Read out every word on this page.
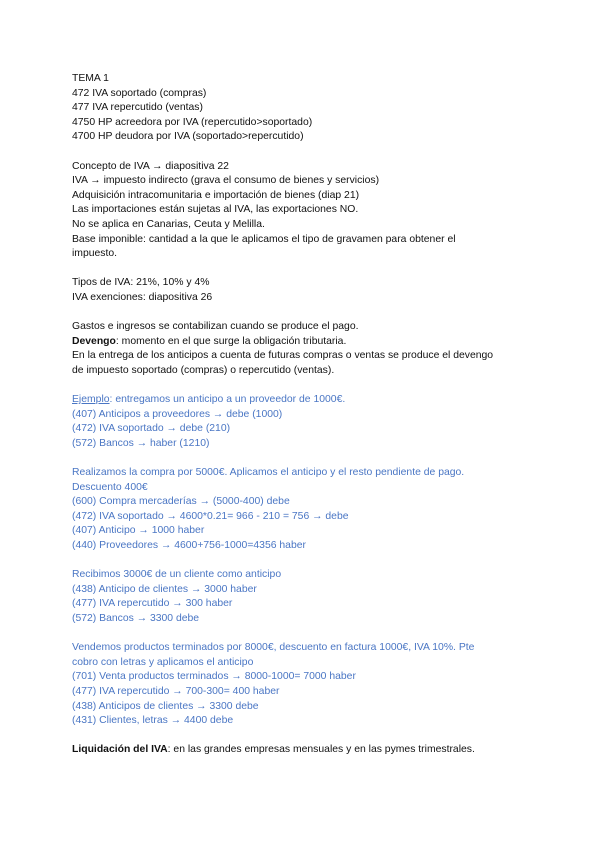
TEMA 1
472 IVA soportado (compras)
477 IVA repercutido (ventas)
4750 HP acreedora por IVA (repercutido>soportado)
4700 HP deudora por IVA (soportado>repercutido)
Concepto de IVA → diapositiva 22
IVA → impuesto indirecto (grava el consumo de bienes y servicios)
Adquisición intracomunitaria e importación de bienes (diap 21)
Las importaciones están sujetas al IVA, las exportaciones NO.
No se aplica en Canarias, Ceuta y Melilla.
Base imponible: cantidad a la que le aplicamos el tipo de gravamen para obtener el
impuesto.
Tipos de IVA: 21%, 10% y 4%
IVA exenciones: diapositiva 26
Gastos e ingresos se contabilizan cuando se produce el pago.
Devengo: momento en el que surge la obligación tributaria.
En la entrega de los anticipos a cuenta de futuras compras o ventas se produce el devengo
de impuesto soportado (compras) o repercutido (ventas).
Ejemplo: entregamos un anticipo a un proveedor de 1000€.
(407) Anticipos a proveedores → debe (1000)
(472) IVA soportado → debe (210)
(572) Bancos → haber (1210)
Realizamos la compra por 5000€. Aplicamos el anticipo y el resto pendiente de pago.
Descuento 400€
(600) Compra mercaderías → (5000-400) debe
(472) IVA soportado → 4600*0.21= 966 - 210 = 756 → debe
(407) Anticipo → 1000 haber
(440) Proveedores → 4600+756-1000=4356 haber
Recibimos 3000€ de un cliente como anticipo
(438) Anticipo de clientes → 3000 haber
(477) IVA repercutido → 300 haber
(572) Bancos → 3300 debe
Vendemos productos terminados por 8000€, descuento en factura 1000€, IVA 10%. Pte
cobro con letras y aplicamos el anticipo
(701) Venta productos terminados → 8000-1000= 7000 haber
(477) IVA repercutido → 700-300= 400 haber
(438) Anticipos de clientes → 3300 debe
(431) Clientes, letras → 4400 debe
Liquidación del IVA: en las grandes empresas mensuales y en las pymes trimestrales.
